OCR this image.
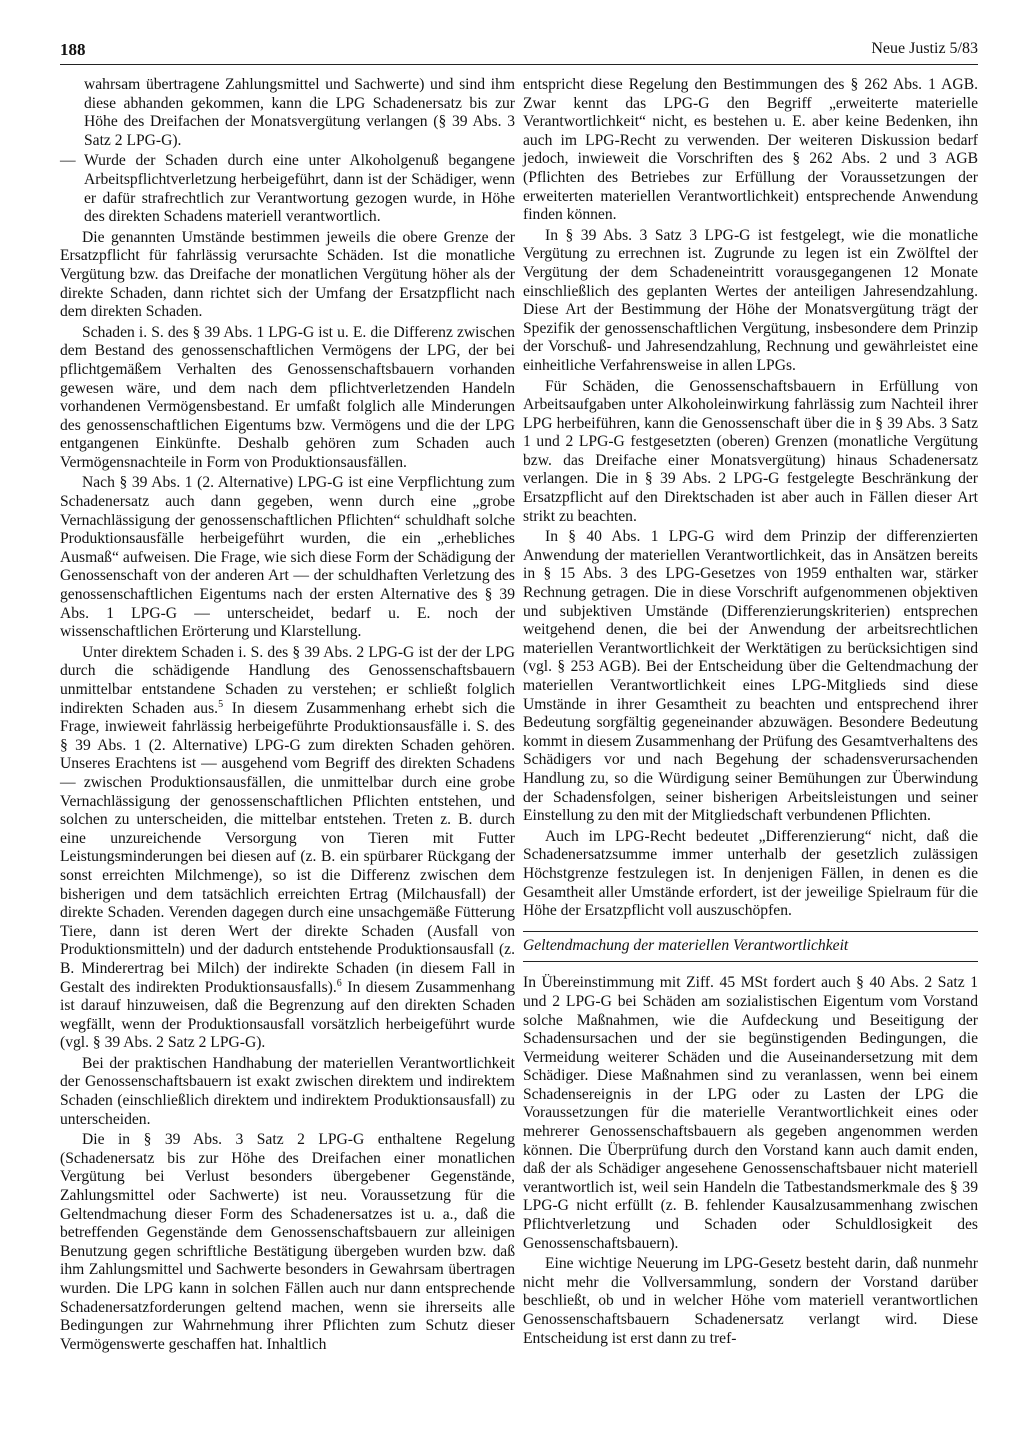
188	Neue Justiz 5/83

wahrsam übertragene Zahlungsmittel und Sachwerte) und sind ihm diese abhanden gekommen, kann die LPG Schadenersatz bis zur Höhe des Dreifachen der Monatsvergütung verlangen (§ 39 Abs. 3 Satz 2 LPG-G).

— Wurde der Schaden durch eine unter Alkoholgenuß begangene Arbeitspflichtverletzung herbeigeführt, dann ist der Schädiger, wenn er dafür strafrechtlich zur Verantwortung gezogen wurde, in Höhe des direkten Schadens materiell verantwortlich.

Die genannten Umstände bestimmen jeweils die obere Grenze der Ersatzpflicht für fahrlässig verursachte Schäden. Ist die monatliche Vergütung bzw. das Dreifache der monatlichen Vergütung höher als der direkte Schaden, dann richtet sich der Umfang der Ersatzpflicht nach dem direkten Schaden.

Schaden i. S. des § 39 Abs. 1 LPG-G ist u. E. die Differenz zwischen dem Bestand des genossenschaftlichen Vermögens der LPG, der bei pflichtgemäßem Verhalten des Genossenschaftsbauern vorhanden gewesen wäre, und dem nach dem pflichtverletzenden Handeln vorhandenen Vermögensbestand. Er umfaßt folglich alle Minderungen des genossenschaftlichen Eigentums bzw. Vermögens und die der LPG entgangenen Einkünfte. Deshalb gehören zum Schaden auch Vermögensnachteile in Form von Produktionsausfällen.

Nach § 39 Abs. 1 (2. Alternative) LPG-G ist eine Verpflichtung zum Schadenersatz auch dann gegeben, wenn durch eine „grobe Vernachlässigung der genossenschaftlichen Pflichten“ schuldhaft solche Produktionsausfälle herbeigeführt wurden, die ein „erhebliches Ausmaß“ aufweisen. Die Frage, wie sich diese Form der Schädigung der Genossenschaft von der anderen Art — der schuldhaften Verletzung des genossenschaftlichen Eigentums nach der ersten Alternative des § 39 Abs. 1 LPG-G — unterscheidet, bedarf u. E. noch der wissenschaftlichen Erörterung und Klarstellung.

Unter direktem Schaden i. S. des § 39 Abs. 2 LPG-G ist der der LPG durch die schädigende Handlung des Genossenschaftsbauern unmittelbar entstandene Schaden zu verstehen; er schließt folglich indirekten Schaden aus.$^5$ In diesem Zusammenhang erhebt sich die Frage, inwieweit fahrlässig herbeigeführte Produktionsausfälle i. S. des § 39 Abs. 1 (2. Alternative) LPG-G zum direkten Schaden gehören. Unseres Erachtens ist — ausgehend vom Begriff des direkten Schadens — zwischen Produktionsausfällen, die unmittelbar durch eine grobe Vernachlässigung der genossenschaftlichen Pflichten entstehen, und solchen zu unterscheiden, die mittelbar entstehen. Treten z. B. durch eine unzureichende Versorgung von Tieren mit Futter Leistungsminderungen bei diesen auf (z. B. ein spürbarer Rückgang der sonst erreichten Milchmenge), so ist die Differenz zwischen dem bisherigen und dem tatsächlich erreichten Ertrag (Milchausfall) der direkte Schaden. Verenden dagegen durch eine unsachgemäße Fütterung Tiere, dann ist deren Wert der direkte Schaden (Ausfall von Produktionsmitteln) und der dadurch entstehende Produktionsausfall (z. B. Minderertrag bei Milch) der indirekte Schaden (in diesem Fall in Gestalt des indirekten Produktionsausfalls).$^6$ In diesem Zusammenhang ist darauf hinzuweisen, daß die Begrenzung auf den direkten Schaden wegfällt, wenn der Produktionsausfall vorsätzlich herbeigeführt wurde (vgl. § 39 Abs. 2 Satz 2 LPG-G).

Bei der praktischen Handhabung der materiellen Verantwortlichkeit der Genossenschaftsbauern ist exakt zwischen direktem und indirektem Schaden (einschließlich direktem und indirektem Produktionsausfall) zu unterscheiden.

Die in § 39 Abs. 3 Satz 2 LPG-G enthaltene Regelung (Schadenersatz bis zur Höhe des Dreifachen einer monatlichen Vergütung bei Verlust besonders übergebener Gegenstände, Zahlungsmittel oder Sachwerte) ist neu. Voraussetzung für die Geltendmachung dieser Form des Schadenersatzes ist u. a., daß die betreffenden Gegenstände dem Genossenschaftsbauern zur alleinigen Benutzung gegen schriftliche Bestätigung übergeben wurden bzw. daß ihm Zahlungsmittel und Sachwerte besonders in Gewahrsam übertragen wurden. Die LPG kann in solchen Fällen auch nur dann entsprechende Schadenersatzforderungen geltend machen, wenn sie ihrerseits alle Bedingungen zur Wahrnehmung ihrer Pflichten zum Schutz dieser Vermögenswerte geschaffen hat. Inhaltlich

entspricht diese Regelung den Bestimmungen des § 262 Abs. 1 AGB. Zwar kennt das LPG-G den Begriff „erweiterte materielle Verantwortlichkeit“ nicht, es bestehen u. E. aber keine Bedenken, ihn auch im LPG-Recht zu verwenden. Der weiteren Diskussion bedarf jedoch, inwieweit die Vorschriften des § 262 Abs. 2 und 3 AGB (Pflichten des Betriebes zur Erfüllung der Voraussetzungen der erweiterten materiellen Verantwortlichkeit) entsprechende Anwendung finden können.

In § 39 Abs. 3 Satz 3 LPG-G ist festgelegt, wie die monatliche Vergütung zu errechnen ist. Zugrunde zu legen ist ein Zwölftel der Vergütung der dem Schadeneintritt vorausgegangenen 12 Monate einschließlich des geplanten Wertes der anteiligen Jahresendzahlung. Diese Art der Bestimmung der Höhe der Monatsvergütung trägt der Spezifik der genossenschaftlichen Vergütung, insbesondere dem Prinzip der Vorschuß- und Jahresendzahlung, Rechnung und gewährleistet eine einheitliche Verfahrensweise in allen LPGs.

Für Schäden, die Genossenschaftsbauern in Erfüllung von Arbeitsaufgaben unter Alkoholeinwirkung fahrlässig zum Nachteil ihrer LPG herbeiführen, kann die Genossenschaft über die in § 39 Abs. 3 Satz 1 und 2 LPG-G festgesetzten (oberen) Grenzen (monatliche Vergütung bzw. das Dreifache einer Monatsvergütung) hinaus Schadenersatz verlangen. Die in § 39 Abs. 2 LPG-G festgelegte Beschränkung der Ersatzpflicht auf den Direktschaden ist aber auch in Fällen dieser Art strikt zu beachten.

In § 40 Abs. 1 LPG-G wird dem Prinzip der differenzierten Anwendung der materiellen Verantwortlichkeit, das in Ansätzen bereits in § 15 Abs. 3 des LPG-Gesetzes von 1959 enthalten war, stärker Rechnung getragen. Die in diese Vorschrift aufgenommenen objektiven und subjektiven Umstände (Differenzierungskriterien) entsprechen weitgehend denen, die bei der Anwendung der arbeitsrechtlichen materiellen Verantwortlichkeit der Werktätigen zu berücksichtigen sind (vgl. § 253 AGB). Bei der Entscheidung über die Geltendmachung der materiellen Verantwortlichkeit eines LPG-Mitglieds sind diese Umstände in ihrer Gesamtheit zu beachten und entsprechend ihrer Bedeutung sorgfältig gegeneinander abzuwägen. Besondere Bedeutung kommt in diesem Zusammenhang der Prüfung des Gesamtverhaltens des Schädigers vor und nach Begehung der schadensverursachenden Handlung zu, so die Würdigung seiner Bemühungen zur Überwindung der Schadensfolgen, seiner bisherigen Arbeitsleistungen und seiner Einstellung zu den mit der Mitgliedschaft verbundenen Pflichten.

Auch im LPG-Recht bedeutet „Differenzierung“ nicht, daß die Schadenersatzsumme immer unterhalb der gesetzlich zulässigen Höchstgrenze festzulegen ist. In denjenigen Fällen, in denen es die Gesamtheit aller Umstände erfordert, ist der jeweilige Spielraum für die Höhe der Ersatzpflicht voll auszuschöpfen.

Geltendmachung der materiellen Verantwortlichkeit

In Übereinstimmung mit Ziff. 45 MSt fordert auch § 40 Abs. 2 Satz 1 und 2 LPG-G bei Schäden am sozialistischen Eigentum vom Vorstand solche Maßnahmen, wie die Aufdeckung und Beseitigung der Schadensursachen und der sie begünstigenden Bedingungen, die Vermeidung weiterer Schäden und die Auseinandersetzung mit dem Schädiger. Diese Maßnahmen sind zu veranlassen, wenn bei einem Schadensereignis in der LPG oder zu Lasten der LPG die Voraussetzungen für die materielle Verantwortlichkeit eines oder mehrerer Genossenschaftsbauern als gegeben angenommen werden können. Die Überprüfung durch den Vorstand kann auch damit enden, daß der als Schädiger angesehene Genossenschaftsbauer nicht materiell verantwortlich ist, weil sein Handeln die Tatbestandsmerkmale des § 39 LPG-G nicht erfüllt (z. B. fehlender Kausalzusammenhang zwischen Pflichtverletzung und Schaden oder Schuldlosigkeit des Genossenschaftsbauern).

Eine wichtige Neuerung im LPG-Gesetz besteht darin, daß nunmehr nicht mehr die Vollversammlung, sondern der Vorstand darüber beschließt, ob und in welcher Höhe vom materiell verantwortlichen Genossenschaftsbauern Schadenersatz verlangt wird. Diese Entscheidung ist erst dann zu tref-
